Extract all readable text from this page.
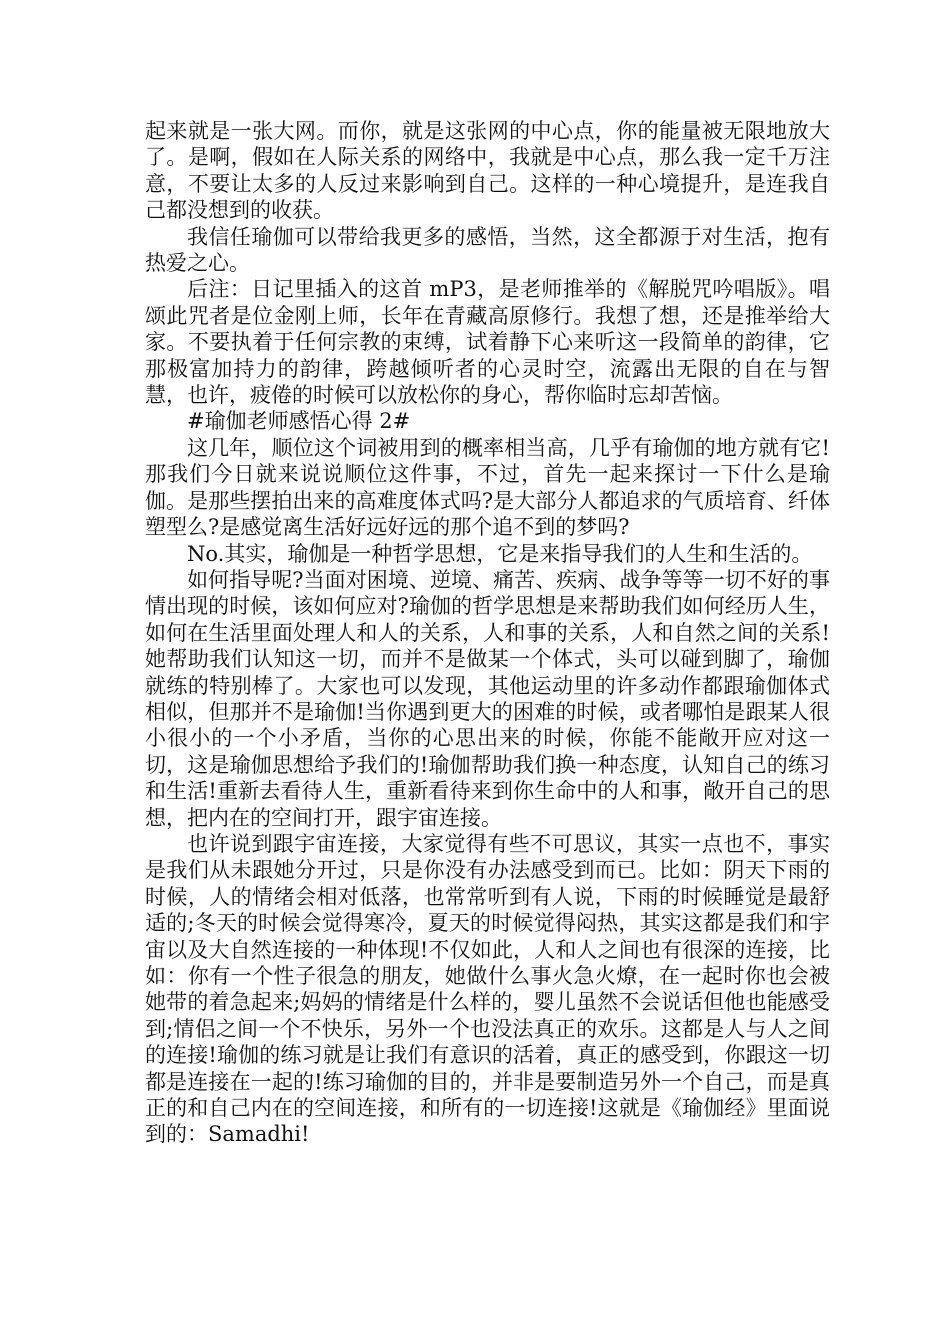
起来就是一张大网。而你，就是这张网的中心点，你的能量被无限地放大了。是啊，假如在人际关系的网络中，我就是中心点，那么我一定千万注意，不要让太多的人反过来影响到自己。这样的一种心境提升，是连我自己都没想到的收获。

我信任瑜伽可以带给我更多的感悟，当然，这全都源于对生活，抱有热爱之心。

后注：日记里插入的这首 mP3，是老师推举的《解脱咒吟唱版》。唱颂此咒者是位金刚上师，长年在青藏高原修行。我想了想，还是推举给大家。不要执着于任何宗教的束缚，试着静下心来听这一段简单的韵律，它那极富加持力的韵律，跨越倾听者的心灵时空，流露出无限的自在与智慧，也许，疲倦的时候可以放松你的身心，帮你临时忘却苦恼。

#瑜伽老师感悟心得 2#

这几年，顺位这个词被用到的概率相当高，几乎有瑜伽的地方就有它!那我们今日就来说说顺位这件事，不过，首先一起来探讨一下什么是瑜伽。是那些摆拍出来的高难度体式吗?是大部分人都追求的气质培育、纤体塑型么?是感觉离生活好远好远的那个追不到的梦吗?

No.其实，瑜伽是一种哲学思想，它是来指导我们的人生和生活的。

如何指导呢?当面对困境、逆境、痛苦、疾病、战争等等一切不好的事情出现的时候，该如何应对?瑜伽的哲学思想是来帮助我们如何经历人生，如何在生活里面处理人和人的关系，人和事的关系，人和自然之间的关系!她帮助我们认知这一切，而并不是做某一个体式，头可以碰到脚了，瑜伽就练的特别棒了。大家也可以发现，其他运动里的许多动作都跟瑜伽体式相似，但那并不是瑜伽!当你遇到更大的困难的时候，或者哪怕是跟某人很小很小的一个小矛盾，当你的心思出来的时候，你能不能敞开应对这一切，这是瑜伽思想给予我们的!瑜伽帮助我们换一种态度，认知自己的练习和生活!重新去看待人生，重新看待来到你生命中的人和事，敞开自己的思想，把内在的空间打开，跟宇宙连接。

也许说到跟宇宙连接，大家觉得有些不可思议，其实一点也不，事实是我们从未跟她分开过，只是你没有办法感受到而已。比如：阴天下雨的时候，人的情绪会相对低落，也常常听到有人说，下雨的时候睡觉是最舒适的;冬天的时候会觉得寒冷，夏天的时候觉得闷热，其实这都是我们和宇宙以及大自然连接的一种体现!不仅如此，人和人之间也有很深的连接，比如：你有一个性子很急的朋友，她做什么事火急火燎，在一起时你也会被她带的着急起来;妈妈的情绪是什么样的，婴儿虽然不会说话但他也能感受到;情侣之间一个不快乐，另外一个也没法真正的欢乐。这都是人与人之间的连接!瑜伽的练习就是让我们有意识的活着，真正的感受到，你跟这一切都是连接在一起的!练习瑜伽的目的，并非是要制造另外一个自己，而是真正的和自己内在的空间连接，和所有的一切连接!这就是《瑜伽经》里面说到的：Samadhi!
